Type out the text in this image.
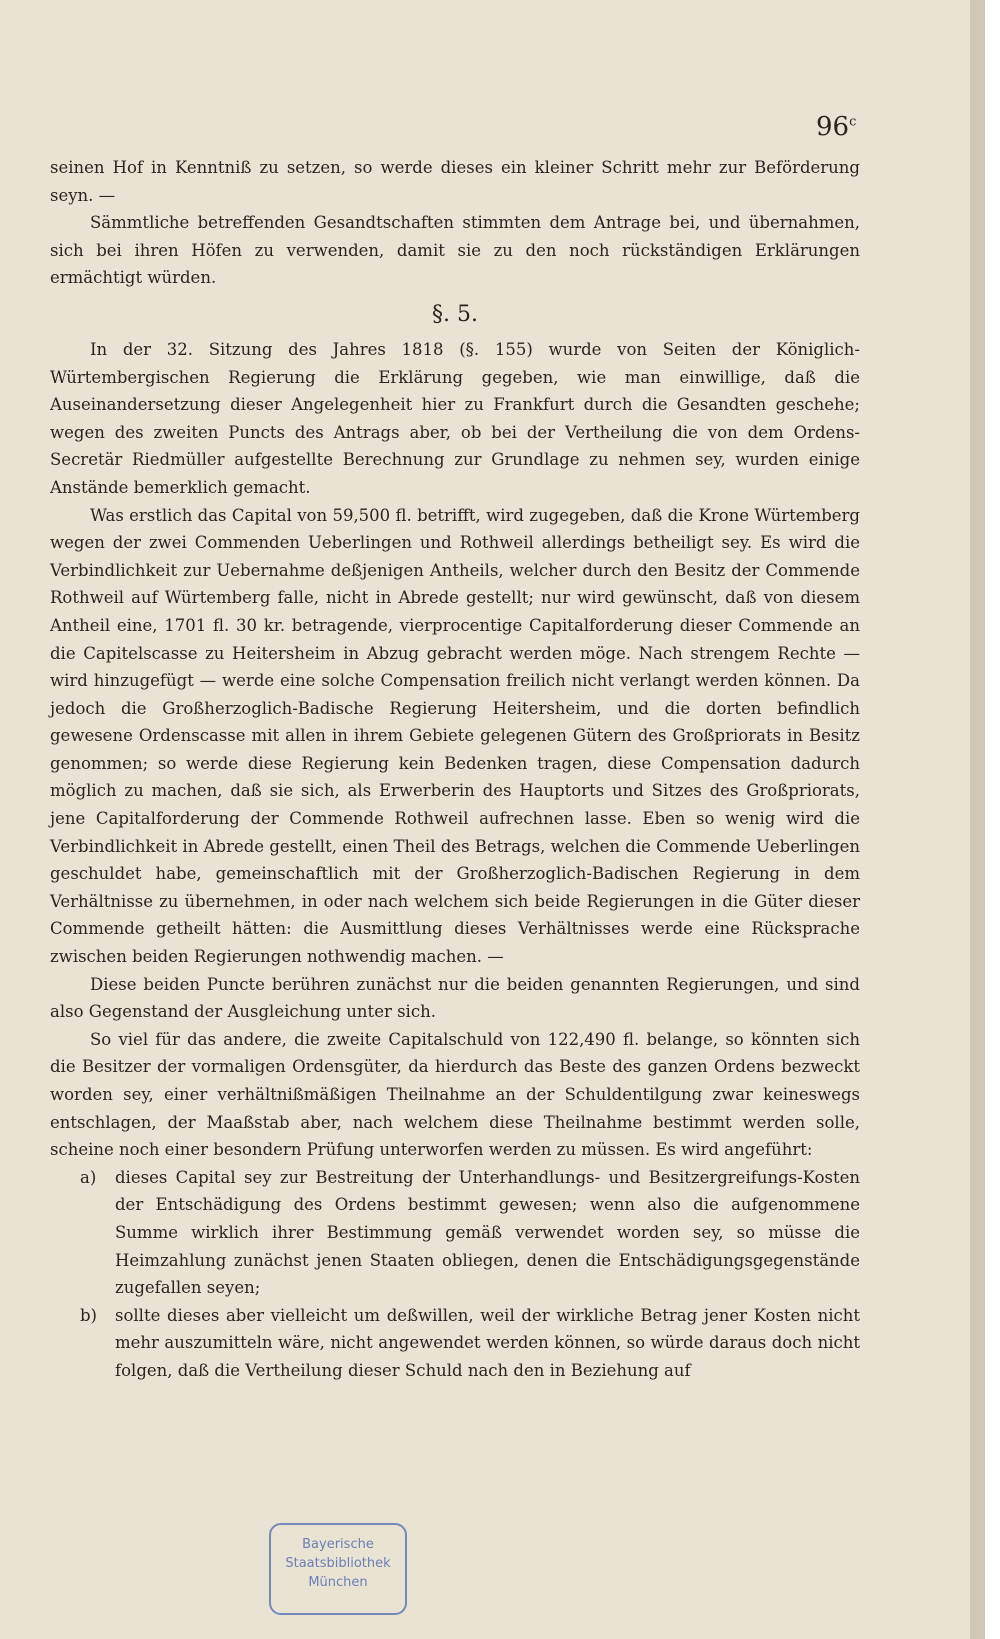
96$^c$

seinen Hof in Kenntniß zu setzen, so werde dieses ein kleiner Schritt mehr zur Beförderung seyn. —

Sämmtliche betreffenden Gesandtschaften stimmten dem Antrage bei, und übernahmen, sich bei ihren Höfen zu verwenden, damit sie zu den noch rückständigen Erklärungen ermächtigt würden.

§. 5.

In der 32. Sitzung des Jahres 1818 (§. 155) wurde von Seiten der Königlich-Würtembergischen Regierung die Erklärung gegeben, wie man einwillige, daß die Auseinandersetzung dieser Angelegenheit hier zu Frankfurt durch die Gesandten geschehe; wegen des zweiten Puncts des Antrags aber, ob bei der Vertheilung die von dem Ordens-Secretär Riedmüller aufgestellte Berechnung zur Grundlage zu nehmen sey, wurden einige Anstände bemerklich gemacht.

Was erstlich das Capital von 59,500 fl. betrifft, wird zugegeben, daß die Krone Würtemberg wegen der zwei Commenden Ueberlingen und Rothweil allerdings betheiligt sey. Es wird die Verbindlichkeit zur Uebernahme deßjenigen Antheils, welcher durch den Besitz der Commende Rothweil auf Würtemberg falle, nicht in Abrede gestellt; nur wird gewünscht, daß von diesem Antheil eine, 1701 fl. 30 kr. betragende, vierprocentige Capitalforderung dieser Commende an die Capitelscasse zu Heitersheim in Abzug gebracht werden möge. Nach strengem Rechte — wird hinzugefügt — werde eine solche Compensation freilich nicht verlangt werden können. Da jedoch die Großherzoglich-Badische Regierung Heitersheim, und die dorten befindlich gewesene Ordenscasse mit allen in ihrem Gebiete gelegenen Gütern des Großpriorats in Besitz genommen; so werde diese Regierung kein Bedenken tragen, diese Compensation dadurch möglich zu machen, daß sie sich, als Erwerberin des Hauptorts und Sitzes des Großpriorats, jene Capitalforderung der Commende Rothweil aufrechnen lasse. Eben so wenig wird die Verbindlichkeit in Abrede gestellt, einen Theil des Betrags, welchen die Commende Ueberlingen geschuldet habe, gemeinschaftlich mit der Großherzoglich-Badischen Regierung in dem Verhältnisse zu übernehmen, in oder nach welchem sich beide Regierungen in die Güter dieser Commende getheilt hätten: die Ausmittlung dieses Verhältnisses werde eine Rücksprache zwischen beiden Regierungen nothwendig machen. —

Diese beiden Puncte berühren zunächst nur die beiden genannten Regierungen, und sind also Gegenstand der Ausgleichung unter sich.

So viel für das andere, die zweite Capitalschuld von 122,490 fl. belange, so könnten sich die Besitzer der vormaligen Ordensgüter, da hierdurch das Beste des ganzen Ordens bezweckt worden sey, einer verhältnißmäßigen Theilnahme an der Schuldentilgung zwar keineswegs entschlagen, der Maaßstab aber, nach welchem diese Theilnahme bestimmt werden solle, scheine noch einer besondern Prüfung unterworfen werden zu müssen. Es wird angeführt:

a) dieses Capital sey zur Bestreitung der Unterhandlungs- und Besitzergreifungs-Kosten der Entschädigung des Ordens bestimmt gewesen; wenn also die aufgenommene Summe wirklich ihrer Bestimmung gemäß verwendet worden sey, so müsse die Heimzahlung zunächst jenen Staaten obliegen, denen die Entschädigungsgegenstände zugefallen seyen;

b) sollte dieses aber vielleicht um deßwillen, weil der wirkliche Betrag jener Kosten nicht mehr auszumitteln wäre, nicht angewendet werden können, so würde daraus doch nicht folgen, daß die Vertheilung dieser Schuld nach den in Beziehung auf

Bayerische
Staatsbibliothek
München
